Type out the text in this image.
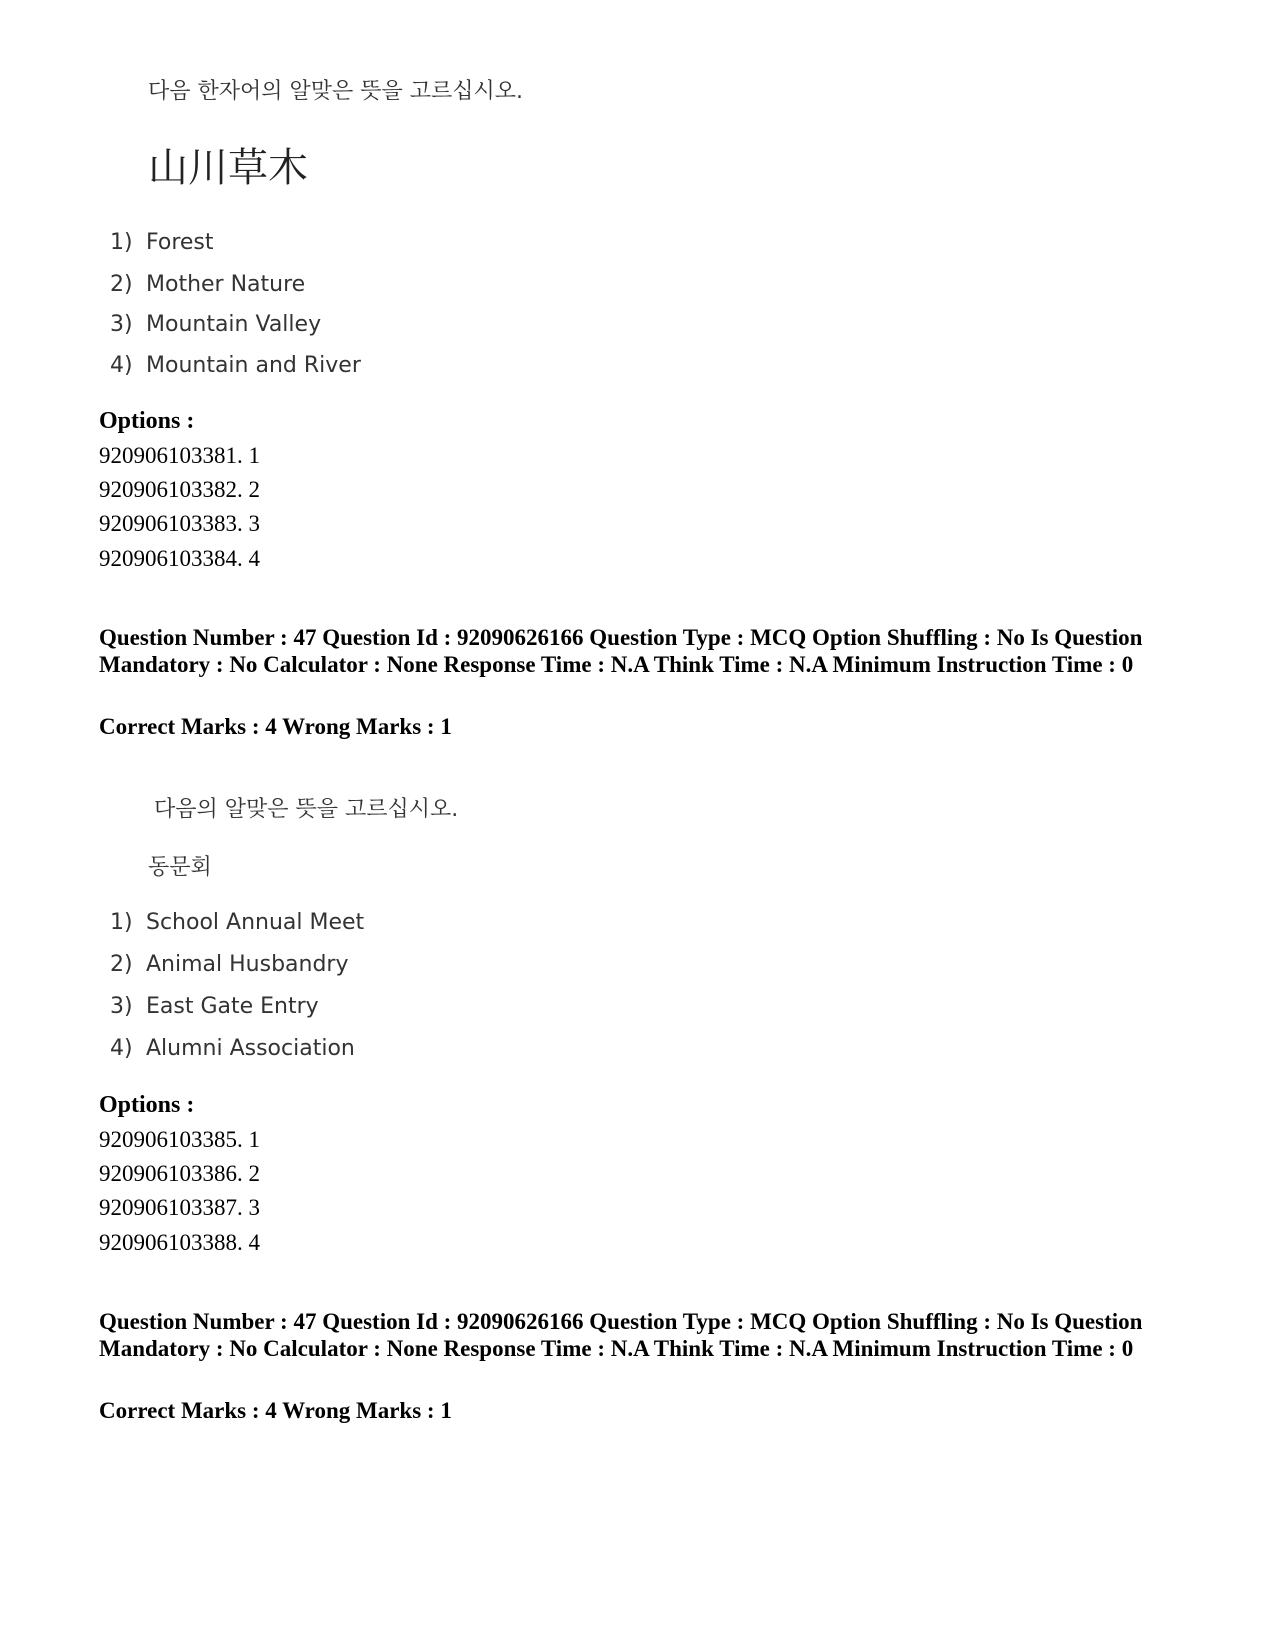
다음 한자어의 알맞은 뜻을 고르십시오.
山川草木
1) Forest
2) Mother Nature
3) Mountain Valley
4) Mountain and River
Options :
920906103381. 1
920906103382. 2
920906103383. 3
920906103384. 4
Question Number : 47 Question Id : 92090626166 Question Type : MCQ Option Shuffling : No Is Question Mandatory : No Calculator : None Response Time : N.A Think Time : N.A Minimum Instruction Time : 0
Correct Marks : 4 Wrong Marks : 1
다음의 알맞은 뜻을 고르십시오.
동문회
1) School Annual Meet
2) Animal Husbandry
3) East Gate Entry
4) Alumni Association
Options :
920906103385. 1
920906103386. 2
920906103387. 3
920906103388. 4
Question Number : 47 Question Id : 92090626166 Question Type : MCQ Option Shuffling : No Is Question Mandatory : No Calculator : None Response Time : N.A Think Time : N.A Minimum Instruction Time : 0
Correct Marks : 4 Wrong Marks : 1
